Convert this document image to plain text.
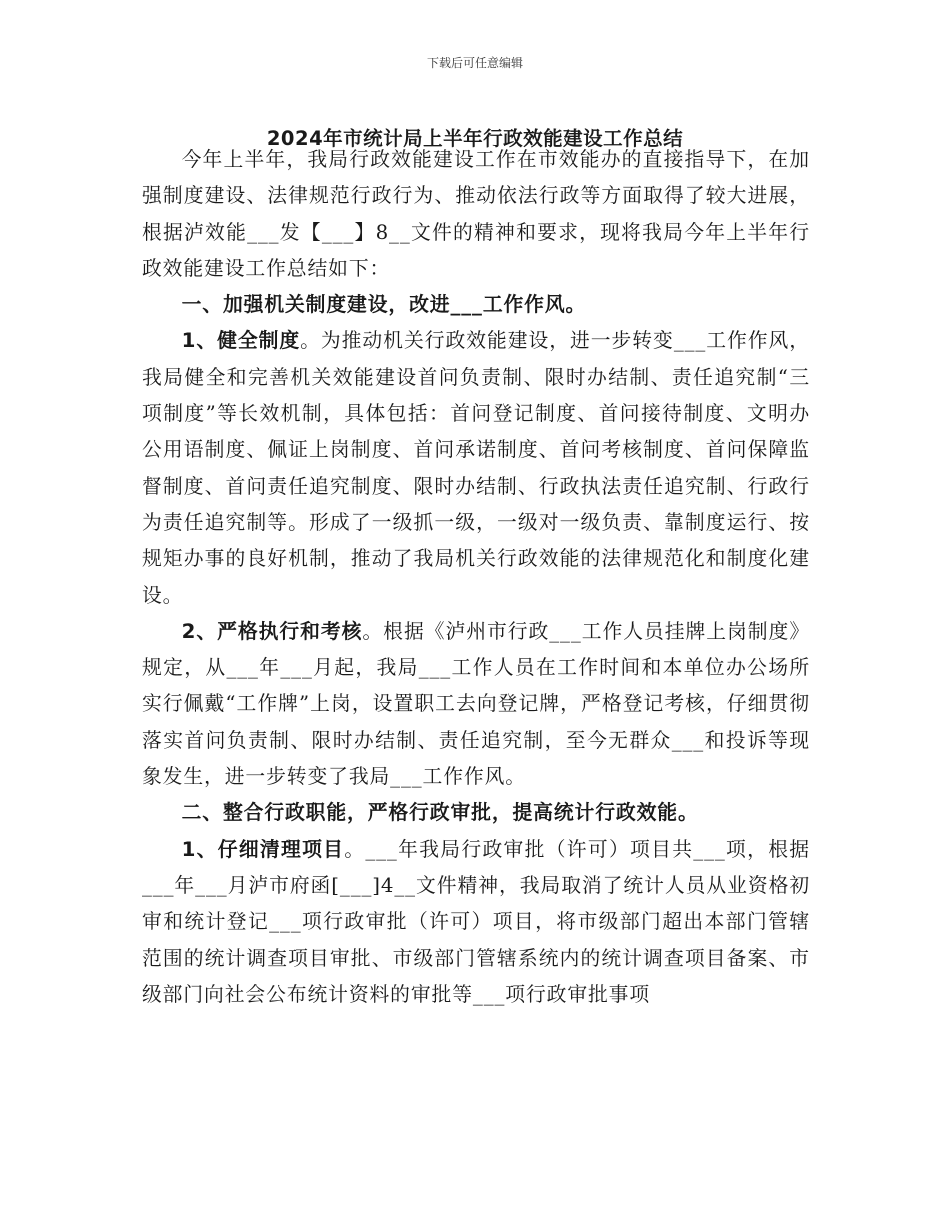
下载后可任意编辑
2024年市统计局上半年行政效能建设工作总结

今年上半年，我局行政效能建设工作在市效能办的直接指导下，在加强制度建设、法律规范行政行为、推动依法行政等方面取得了较大进展，根据泸效能___发【___】8__文件的精神和要求，现将我局今年上半年行政效能建设工作总结如下：

一、加强机关制度建设，改进___工作作风。

1、健全制度。为推动机关行政效能建设，进一步转变___工作作风，我局健全和完善机关效能建设首问负责制、限时办结制、责任追究制“三项制度”等长效机制，具体包括：首问登记制度、首问接待制度、文明办公用语制度、佩证上岗制度、首问承诺制度、首问考核制度、首问保障监督制度、首问责任追究制度、限时办结制、行政执法责任追究制、行政行为责任追究制等。形成了一级抓一级，一级对一级负责、靠制度运行、按规矩办事的良好机制，推动了我局机关行政效能的法律规范化和制度化建设。

2、严格执行和考核。根据《泸州市行政___工作人员挂牌上岗制度》规定，从___年___月起，我局___工作人员在工作时间和本单位办公场所实行佩戴“工作牌”上岗，设置职工去向登记牌，严格登记考核，仔细贯彻落实首问负责制、限时办结制、责任追究制，至今无群众___和投诉等现象发生，进一步转变了我局___工作作风。

二、整合行政职能，严格行政审批，提高统计行政效能。

1、仔细清理项目。___年我局行政审批（许可）项目共___项，根据___年___月泸市府函[___]4__文件精神，我局取消了统计人员从业资格初审和统计登记___项行政审批（许可）项目，将市级部门超出本部门管辖范围的统计调查项目审批、市级部门管辖系统内的统计调查项目备案、市级部门向社会公布统计资料的审批等___项行政审批事项
